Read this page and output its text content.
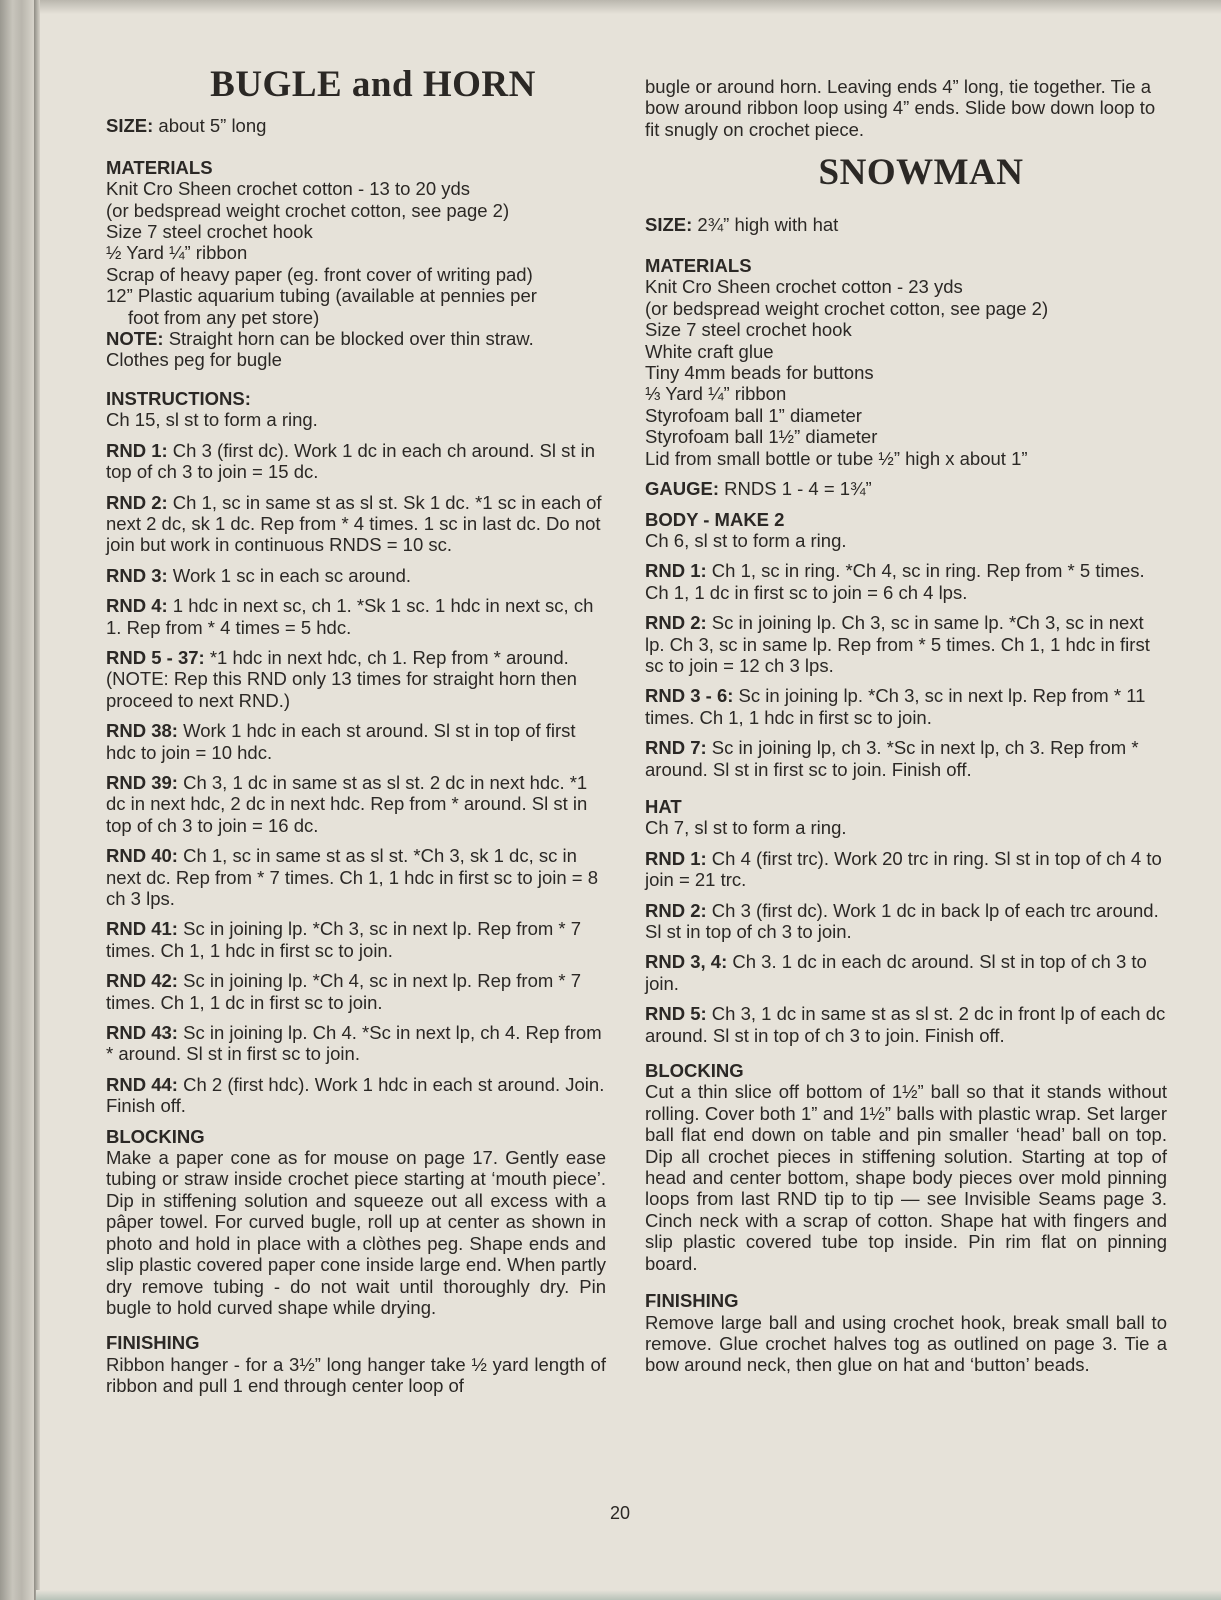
BUGLE and HORN
SIZE: about 5” long
MATERIALS
Knit Cro Sheen crochet cotton - 13 to 20 yds
(or bedspread weight crochet cotton, see page 2)
Size 7 steel crochet hook
½ Yard ¼” ribbon
Scrap of heavy paper (eg. front cover of writing pad)
12” Plastic aquarium tubing (available at pennies per
foot from any pet store)
NOTE: Straight horn can be blocked over thin straw.
Clothes peg for bugle
INSTRUCTIONS:
Ch 15, sl st to form a ring.
RND 1: Ch 3 (first dc). Work 1 dc in each ch around. Sl st in top of ch 3 to join = 15 dc.
RND 2: Ch 1, sc in same st as sl st. Sk 1 dc. *1 sc in each of next 2 dc, sk 1 dc. Rep from * 4 times. 1 sc in last dc. Do not join but work in continuous RNDS = 10 sc.
RND 3: Work 1 sc in each sc around.
RND 4: 1 hdc in next sc, ch 1. *Sk 1 sc. 1 hdc in next sc, ch 1. Rep from * 4 times = 5 hdc.
RND 5 - 37: *1 hdc in next hdc, ch 1. Rep from * around. (NOTE: Rep this RND only 13 times for straight horn then proceed to next RND.)
RND 38: Work 1 hdc in each st around. Sl st in top of first hdc to join = 10 hdc.
RND 39: Ch 3, 1 dc in same st as sl st. 2 dc in next hdc. *1 dc in next hdc, 2 dc in next hdc. Rep from * around. Sl st in top of ch 3 to join = 16 dc.
RND 40: Ch 1, sc in same st as sl st. *Ch 3, sk 1 dc, sc in next dc. Rep from * 7 times. Ch 1, 1 hdc in first sc to join = 8 ch 3 lps.
RND 41: Sc in joining lp. *Ch 3, sc in next lp. Rep from * 7 times. Ch 1, 1 hdc in first sc to join.
RND 42: Sc in joining lp. *Ch 4, sc in next lp. Rep from * 7 times. Ch 1, 1 dc in first sc to join.
RND 43: Sc in joining lp. Ch 4. *Sc in next lp, ch 4. Rep from * around. Sl st in first sc to join.
RND 44: Ch 2 (first hdc). Work 1 hdc in each st around. Join. Finish off.
BLOCKING
Make a paper cone as for mouse on page 17. Gently ease tubing or straw inside crochet piece starting at ‘mouth piece’. Dip in stiffening solution and squeeze out all excess with a pâper towel. For curved bugle, roll up at center as shown in photo and hold in place with a clòthes peg. Shape ends and slip plastic covered paper cone inside large end. When partly dry remove tubing - do not wait until thoroughly dry. Pin bugle to hold curved shape while drying.
FINISHING
Ribbon hanger - for a 3½” long hanger take ½ yard length of ribbon and pull 1 end through center loop of
bugle or around horn. Leaving ends 4” long, tie together. Tie a bow around ribbon loop using 4” ends. Slide bow down loop to fit snugly on crochet piece.
SNOWMAN
SIZE: 2¾” high with hat
MATERIALS
Knit Cro Sheen crochet cotton - 23 yds
(or bedspread weight crochet cotton, see page 2)
Size 7 steel crochet hook
White craft glue
Tiny 4mm beads for buttons
⅓ Yard ¼” ribbon
Styrofoam ball 1” diameter
Styrofoam ball 1½” diameter
Lid from small bottle or tube ½” high x about 1”
GAUGE: RNDS 1 - 4 = 1¾”
BODY - MAKE 2
Ch 6, sl st to form a ring.
RND 1: Ch 1, sc in ring. *Ch 4, sc in ring. Rep from * 5 times. Ch 1, 1 dc in first sc to join = 6 ch 4 lps.
RND 2: Sc in joining lp. Ch 3, sc in same lp. *Ch 3, sc in next lp. Ch 3, sc in same lp. Rep from * 5 times. Ch 1, 1 hdc in first sc to join = 12 ch 3 lps.
RND 3 - 6: Sc in joining lp. *Ch 3, sc in next lp. Rep from * 11 times. Ch 1, 1 hdc in first sc to join.
RND 7: Sc in joining lp, ch 3. *Sc in next lp, ch 3. Rep from * around. Sl st in first sc to join. Finish off.
HAT
Ch 7, sl st to form a ring.
RND 1: Ch 4 (first trc). Work 20 trc in ring. Sl st in top of ch 4 to join = 21 trc.
RND 2: Ch 3 (first dc). Work 1 dc in back lp of each trc around. Sl st in top of ch 3 to join.
RND 3, 4: Ch 3. 1 dc in each dc around. Sl st in top of ch 3 to join.
RND 5: Ch 3, 1 dc in same st as sl st. 2 dc in front lp of each dc around. Sl st in top of ch 3 to join. Finish off.
BLOCKING
Cut a thin slice off bottom of 1½” ball so that it stands without rolling. Cover both 1” and 1½” balls with plastic wrap. Set larger ball flat end down on table and pin smaller ‘head’ ball on top. Dip all crochet pieces in stiffening solution. Starting at top of head and center bottom, shape body pieces over mold pinning loops from last RND tip to tip — see Invisible Seams page 3. Cinch neck with a scrap of cotton. Shape hat with fingers and slip plastic covered tube top inside. Pin rim flat on pinning board.
FINISHING
Remove large ball and using crochet hook, break small ball to remove. Glue crochet halves tog as outlined on page 3. Tie a bow around neck, then glue on hat and ‘button’ beads.
20
